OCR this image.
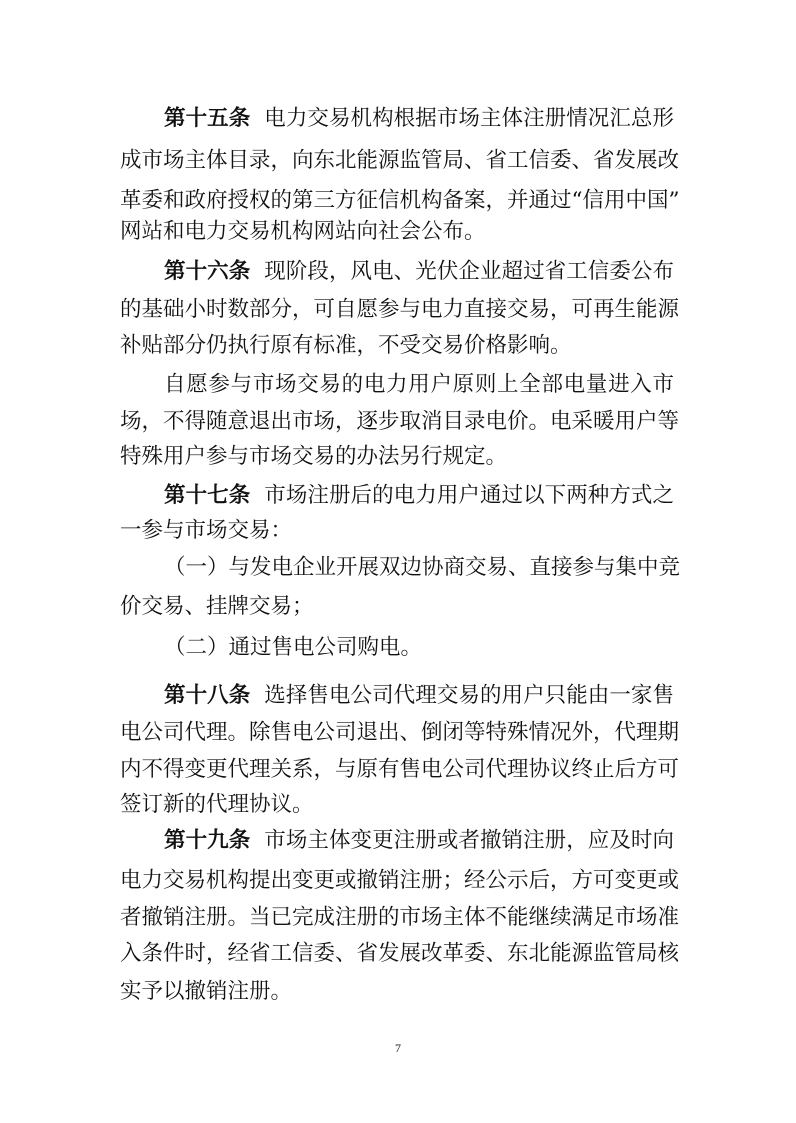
第十五条 电力交易机构根据市场主体注册情况汇总形
成市场主体目录，向东北能源监管局、省工信委、省发展改
革委和政府授权的第三方征信机构备案，并通过“信用中国”
网站和电力交易机构网站向社会公布。
第十六条 现阶段，风电、光伏企业超过省工信委公布
的基础小时数部分，可自愿参与电力直接交易，可再生能源
补贴部分仍执行原有标准，不受交易价格影响。
自愿参与市场交易的电力用户原则上全部电量进入市
场，不得随意退出市场，逐步取消目录电价。电采暖用户等
特殊用户参与市场交易的办法另行规定。
第十七条 市场注册后的电力用户通过以下两种方式之
一参与市场交易：
（一）与发电企业开展双边协商交易、直接参与集中竞
价交易、挂牌交易；
（二）通过售电公司购电。
第十八条 选择售电公司代理交易的用户只能由一家售
电公司代理。除售电公司退出、倒闭等特殊情况外，代理期
内不得变更代理关系，与原有售电公司代理协议终止后方可
签订新的代理协议。
第十九条 市场主体变更注册或者撤销注册，应及时向
电力交易机构提出变更或撤销注册；经公示后，方可变更或
者撤销注册。当已完成注册的市场主体不能继续满足市场准
入条件时，经省工信委、省发展改革委、东北能源监管局核
实予以撤销注册。
7
